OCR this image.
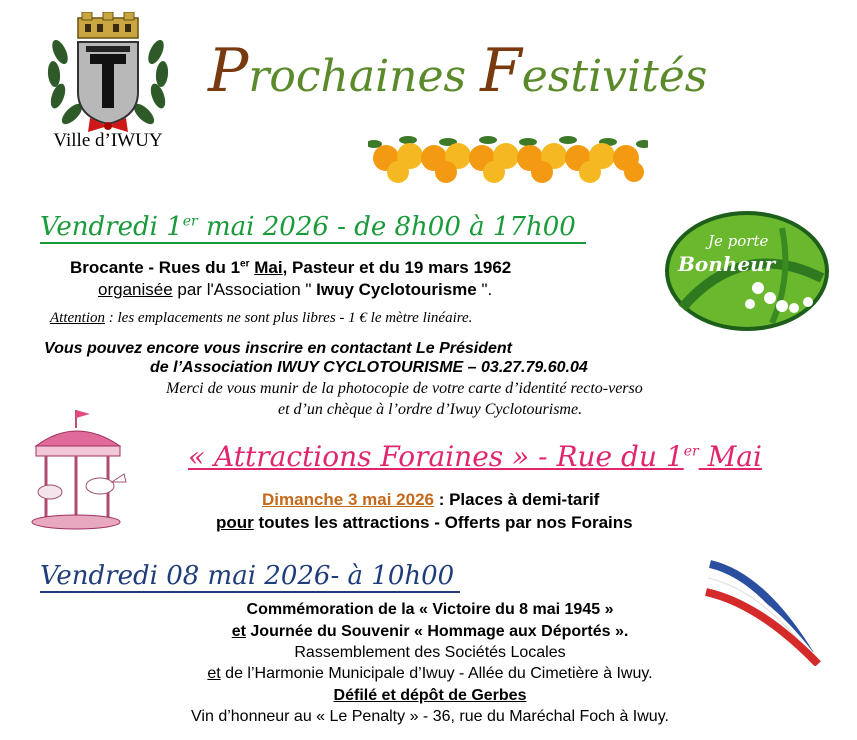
Ville d’IWUY
Prochaines Festivités
Vendredi 1er mai 2026 - de 8h00 à 17h00	Je porte
Bonheur
Brocante - Rues du 1er Mai, Pasteur et du 19 mars 1962
organisée par l'Association " Iwuy Cyclotourisme ".
Attention : les emplacements ne sont plus libres - 1 € le mètre linéaire.
Vous pouvez encore vous inscrire en contactant Le Président
de l’Association IWUY CYCLOTOURISME – 03.27.79.60.04
Merci de vous munir de la photocopie de votre carte d’identité recto-verso
et d’un chèque à l’ordre d’Iwuy Cyclotourisme.
« Attractions Foraines » - Rue du 1er Mai
Dimanche 3 mai 2026 : Places à demi-tarif
pour toutes les attractions - Offerts par nos Forains
Vendredi 08 mai 2026- à 10h00
Commémoration de la « Victoire du 8 mai 1945 »
et Journée du Souvenir « Hommage aux Déportés ».
Rassemblement des Sociétés Locales
et de l’Harmonie Municipale d’Iwuy - Allée du Cimetière à Iwuy.
Défilé et dépôt de Gerbes
Vin d’honneur au « Le Penalty » - 36, rue du Maréchal Foch à Iwuy.
